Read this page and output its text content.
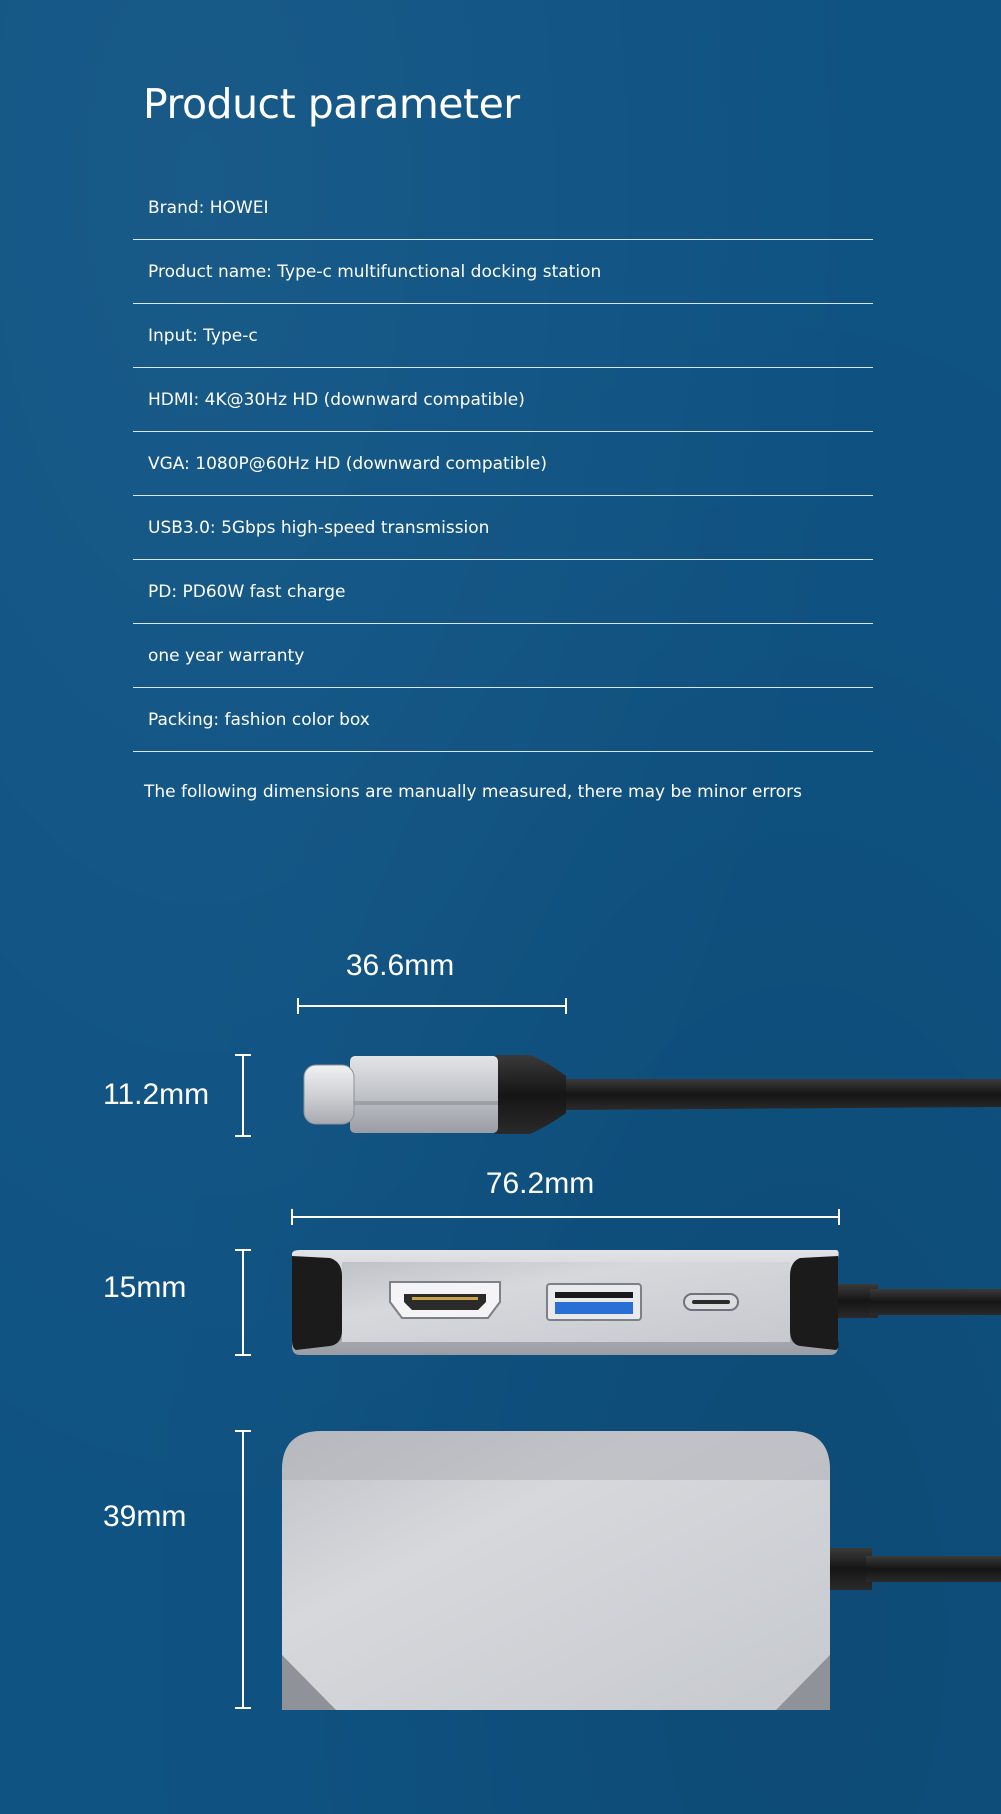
Product parameter
Brand: HOWEI
Product name: Type-c multifunctional docking station
Input: Type-c
HDMI: 4K@30Hz HD (downward compatible)
VGA: 1080P@60Hz HD (downward compatible)
USB3.0: 5Gbps high-speed transmission
PD: PD60W fast charge
one year warranty
Packing: fashion color box
The following dimensions are manually measured, there may be minor errors
36.6mm
11.2mm
76.2mm
15mm
39mm
